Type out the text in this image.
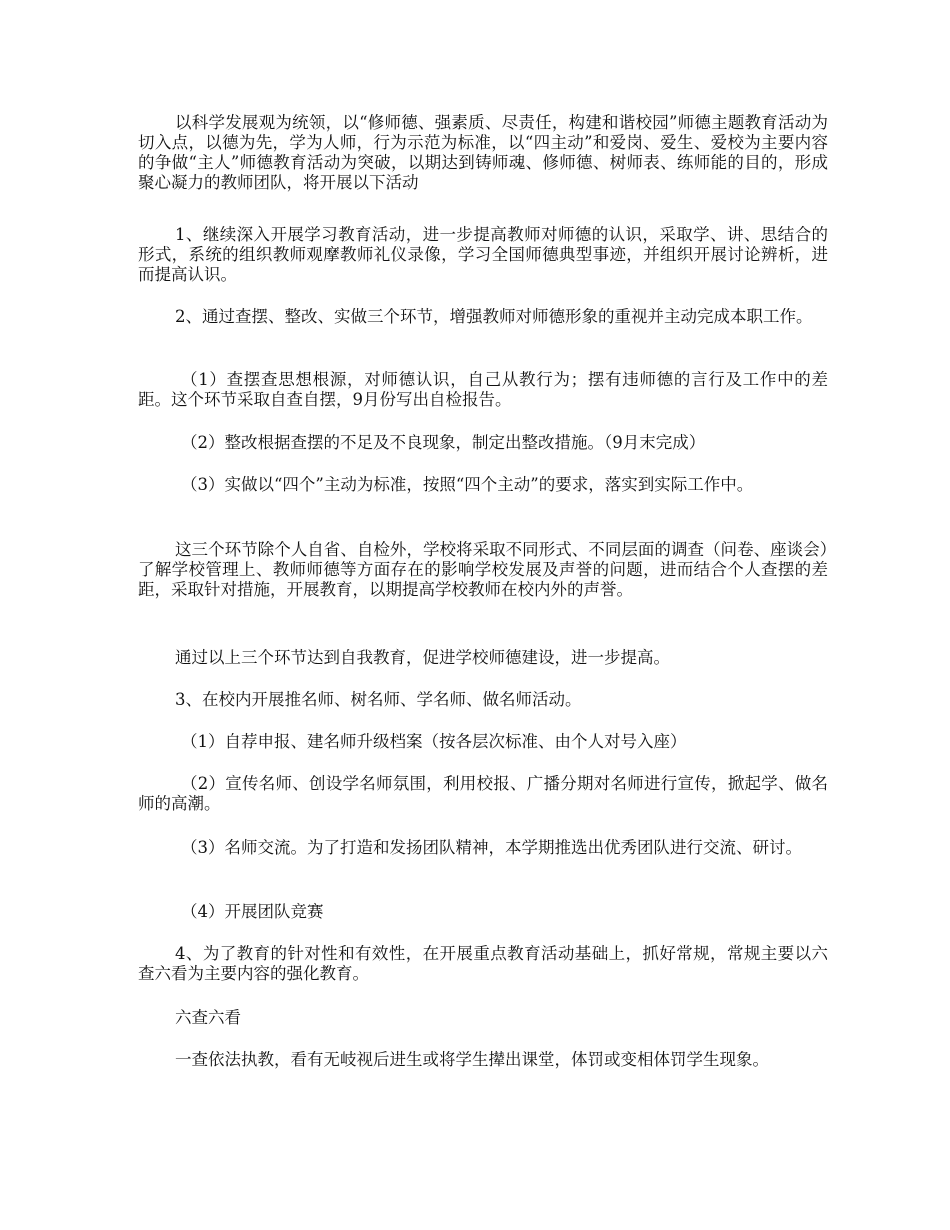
以科学发展观为统领，以“修师德、强素质、尽责任，构建和谐校园”师德主题教育活动为切入点，以德为先，学为人师，行为示范为标准，以“四主动”和爱岗、爱生、爱校为主要内容的争做“主人”师德教育活动为突破，以期达到铸师魂、修师德、树师表、练师能的目的，形成聚心凝力的教师团队，将开展以下活动

1、继续深入开展学习教育活动，进一步提高教师对师德的认识，采取学、讲、思结合的形式，系统的组织教师观摩教师礼仪录像，学习全国师德典型事迹，并组织开展讨论辨析，进而提高认识。

2、通过查摆、整改、实做三个环节，增强教师对师德形象的重视并主动完成本职工作。

（1）查摆查思想根源，对师德认识，自己从教行为；摆有违师德的言行及工作中的差距。这个环节采取自查自摆，9月份写出自检报告。

（2）整改根据查摆的不足及不良现象，制定出整改措施。（9月末完成）

（3）实做以“四个”主动为标准，按照“四个主动”的要求，落实到实际工作中。

这三个环节除个人自省、自检外，学校将采取不同形式、不同层面的调查（问卷、座谈会）了解学校管理上、教师师德等方面存在的影响学校发展及声誉的问题，进而结合个人查摆的差距，采取针对措施，开展教育，以期提高学校教师在校内外的声誉。

通过以上三个环节达到自我教育，促进学校师德建设，进一步提高。

3、在校内开展推名师、树名师、学名师、做名师活动。

（1）自荐申报、建名师升级档案（按各层次标准、由个人对号入座）

（2）宣传名师、创设学名师氛围，利用校报、广播分期对名师进行宣传，掀起学、做名师的高潮。

（3）名师交流。为了打造和发扬团队精神，本学期推选出优秀团队进行交流、研讨。

（4）开展团队竞赛

4、为了教育的针对性和有效性，在开展重点教育活动基础上，抓好常规，常规主要以六查六看为主要内容的强化教育。

六查六看

一查依法执教，看有无岐视后进生或将学生撵出课堂，体罚或变相体罚学生现象。
